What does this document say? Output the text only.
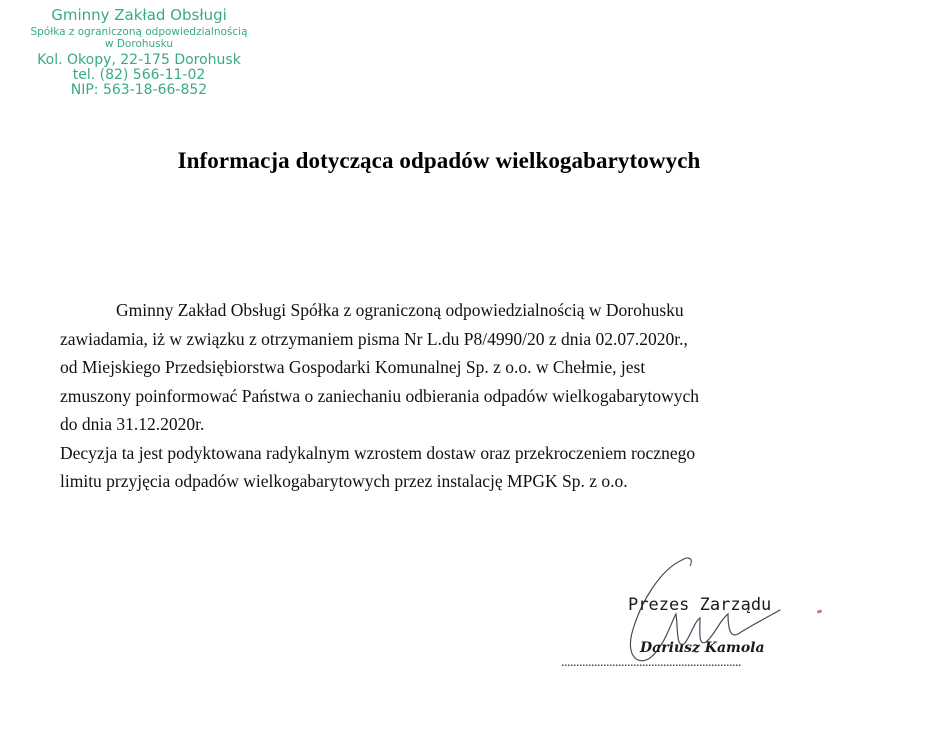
Gminny Zakład Obsługi
Spółka z ograniczoną odpowiedzialnością
w Dorohusku
Kol. Okopy, 22-175 Dorohusk
tel. (82) 566-11-02
NIP: 563-18-66-852
Informacja dotycząca odpadów wielkogabarytowych
Gminny Zakład Obsługi Spółka z ograniczoną odpowiedzialnością w Dorohusku
zawiadamia, iż w związku z otrzymaniem pisma Nr L.du P8/4990/20 z dnia 02.07.2020r.,
od Miejskiego Przedsiębiorstwa Gospodarki Komunalnej Sp. z o.o. w Chełmie, jest
zmuszony poinformować Państwa o zaniechaniu odbierania odpadów wielkogabarytowych
do dnia 31.12.2020r.
Decyzja ta jest podyktowana radykalnym wzrostem dostaw oraz przekroczeniem rocznego
limitu przyjęcia odpadów wielkogabarytowych przez instalację MPGK Sp. z o.o.
Prezes Zarządu
Dariusz Kamola
............................................................
